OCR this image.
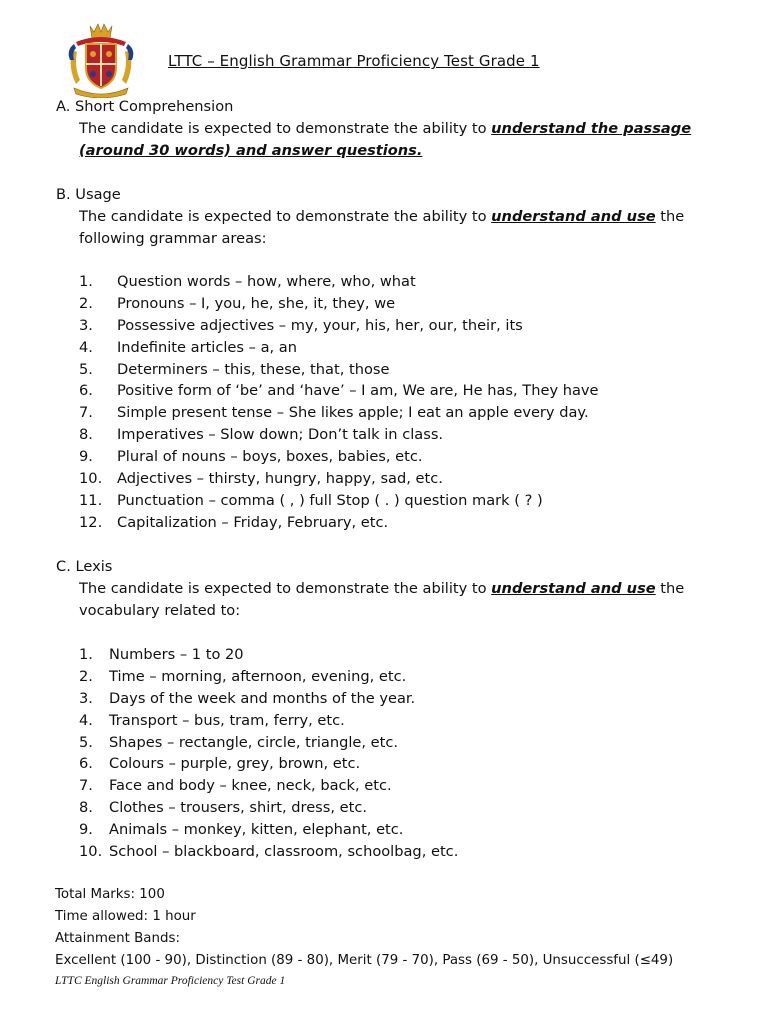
LTTC – English Grammar Proficiency Test Grade 1
A. Short Comprehension
The candidate is expected to demonstrate the ability to understand the passage (around 30 words) and answer questions.
B. Usage
The candidate is expected to demonstrate the ability to understand and use the following grammar areas:
1. Question words – how, where, who, what
2. Pronouns – I, you, he, she, it, they, we
3. Possessive adjectives – my, your, his, her, our, their, its
4. Indefinite articles – a, an
5. Determiners – this, these, that, those
6. Positive form of ‘be’ and ‘have’ – I am, We are, He has, They have
7. Simple present tense – She likes apple; I eat an apple every day.
8. Imperatives – Slow down; Don’t talk in class.
9. Plural of nouns – boys, boxes, babies, etc.
10. Adjectives – thirsty, hungry, happy, sad, etc.
11. Punctuation – comma ( , ) full Stop ( . ) question mark ( ? )
12. Capitalization – Friday, February, etc.
C. Lexis
The candidate is expected to demonstrate the ability to understand and use the vocabulary related to:
1. Numbers – 1 to 20
2. Time – morning, afternoon, evening, etc.
3. Days of the week and months of the year.
4. Transport – bus, tram, ferry, etc.
5. Shapes – rectangle, circle, triangle, etc.
6. Colours – purple, grey, brown, etc.
7. Face and body – knee, neck, back, etc.
8. Clothes – trousers, shirt, dress, etc.
9. Animals – monkey, kitten, elephant, etc.
10. School – blackboard, classroom, schoolbag, etc.
Total Marks: 100
Time allowed: 1 hour
Attainment Bands:
Excellent (100 - 90), Distinction (89 - 80), Merit (79 - 70), Pass (69 - 50), Unsuccessful (≤49)
LTTC English Grammar Proficiency Test Grade 1
